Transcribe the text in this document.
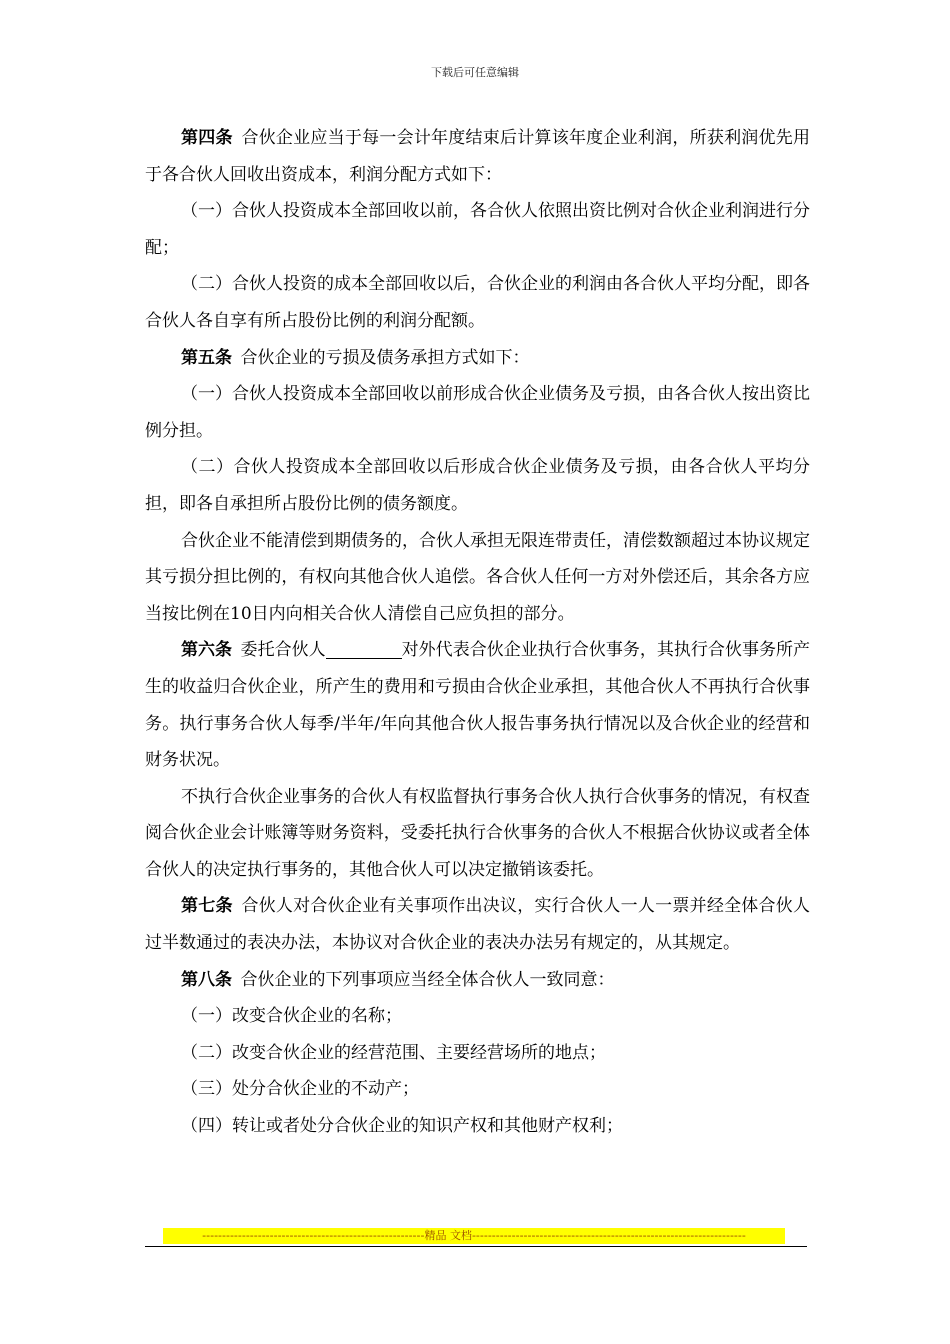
下载后可任意编辑

第四条  合伙企业应当于每一会计年度结束后计算该年度企业利润，所获利润优先用于各合伙人回收出资成本，利润分配方式如下：

（一）合伙人投资成本全部回收以前，各合伙人依照出资比例对合伙企业利润进行分配；

（二）合伙人投资的成本全部回收以后，合伙企业的利润由各合伙人平均分配，即各合伙人各自享有所占股份比例的利润分配额。

第五条  合伙企业的亏损及债务承担方式如下：

（一）合伙人投资成本全部回收以前形成合伙企业债务及亏损，由各合伙人按出资比例分担。

（二）合伙人投资成本全部回收以后形成合伙企业债务及亏损，由各合伙人平均分担，即各自承担所占股份比例的债务额度。

合伙企业不能清偿到期债务的，合伙人承担无限连带责任，清偿数额超过本协议规定其亏损分担比例的，有权向其他合伙人追偿。各合伙人任何一方对外偿还后，其余各方应当按比例在10日内向相关合伙人清偿自己应负担的部分。

第六条  委托合伙人	对外代表合伙企业执行合伙事务，其执行合伙事务所产生的收益归合伙企业，所产生的费用和亏损由合伙企业承担，其他合伙人不再执行合伙事务。执行事务合伙人每季/半年/年向其他合伙人报告事务执行情况以及合伙企业的经营和财务状况。

不执行合伙企业事务的合伙人有权监督执行事务合伙人执行合伙事务的情况，有权查阅合伙企业会计账簿等财务资料，受委托执行合伙事务的合伙人不根据合伙协议或者全体合伙人的决定执行事务的，其他合伙人可以决定撤销该委托。

第七条  合伙人对合伙企业有关事项作出决议，实行合伙人一人一票并经全体合伙人过半数通过的表决办法，本协议对合伙企业的表决办法另有规定的，从其规定。

第八条  合伙企业的下列事项应当经全体合伙人一致同意：

（一）改变合伙企业的名称；

（二）改变合伙企业的经营范围、主要经营场所的地点；

（三）处分合伙企业的不动产；

（四）转让或者处分合伙企业的知识产权和其他财产权利；

--------------------------------------------------------精品 文档---------------------------------------------------------------------
